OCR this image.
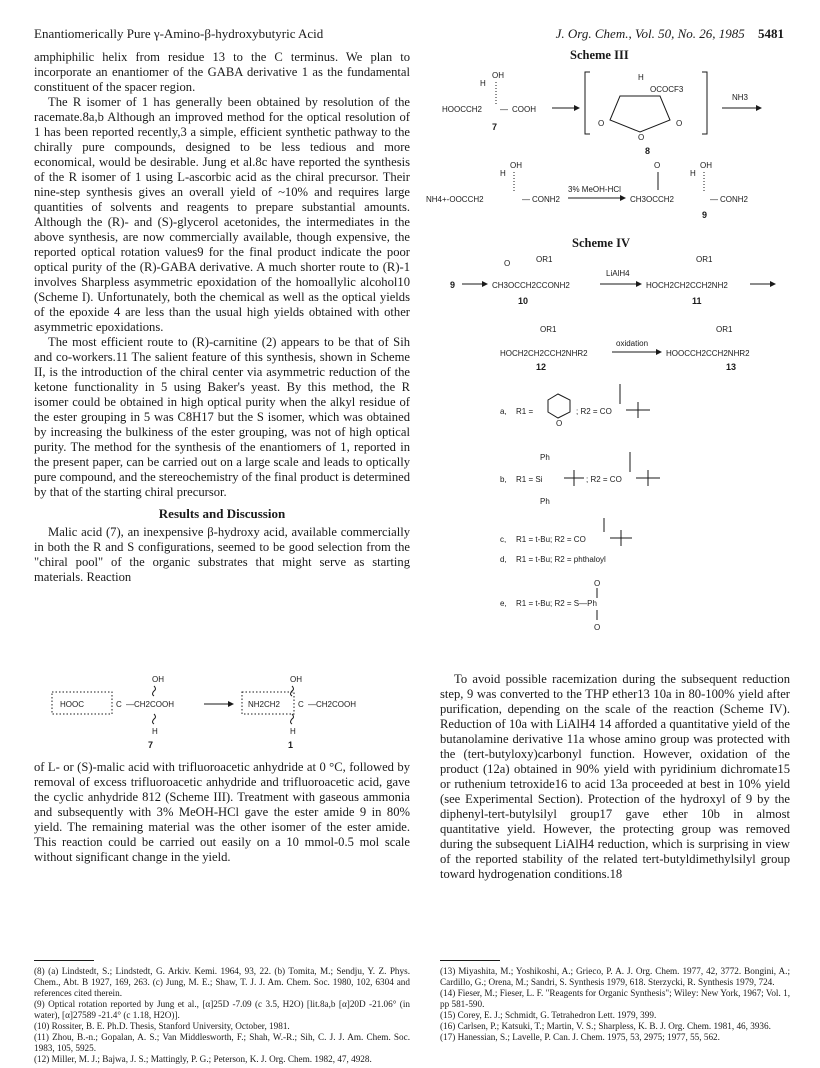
Enantiomerically Pure γ-Amino-β-hydroxybutyric Acid	J. Org. Chem., Vol. 50, No. 26, 1985 5481

amphiphilic helix from residue 13 to the C terminus. We plan to incorporate an enantiomer of the GABA derivative 1 as the fundamental constituent of the spacer region.

The R isomer of 1 has generally been obtained by resolution of the racemate.8a,b Although an improved method for the optical resolution of 1 has been reported recently,3 a simple, efficient synthetic pathway to the chirally pure compounds, designed to be less tedious and more economical, would be desirable. Jung et al.8c have reported the synthesis of the R isomer of 1 using L-ascorbic acid as the chiral precursor. Their nine-step synthesis gives an overall yield of ~10% and requires large quantities of solvents and reagents to prepare substantial amounts. Although the (R)- and (S)-glycerol acetonides, the intermediates in the above synthesis, are now commercially available, though expensive, the reported optical rotation values9 for the final product indicate the poor optical purity of the (R)-GABA derivative. A much shorter route to (R)-1 involves Sharpless asymmetric epoxidation of the homoallylic alcohol10 (Scheme I). Unfortunately, both the chemical as well as the optical yields of the epoxide 4 are less than the usual high yields obtained with other asymmetric epoxidations.

The most efficient route to (R)-carnitine (2) appears to be that of Sih and co-workers.11 The salient feature of this synthesis, shown in Scheme II, is the introduction of the chiral center via asymmetric reduction of the ketone functionality in 5 using Baker's yeast. By this method, the R isomer could be obtained in high optical purity when the alkyl residue of the ester grouping in 5 was C8H17 but the S isomer, which was obtained by increasing the bulkiness of the ester grouping, was not of high optical purity. The method for the synthesis of the enantiomers of 1, reported in the present paper, can be carried out on a large scale and leads to optically pure compound, and the stereochemistry of the final product is determined by that of the starting chiral precursor.

Results and Discussion

Malic acid (7), an inexpensive β-hydroxy acid, available commercially in both the R and S configurations, seemed to be good selection from the "chiral pool" of the organic substrates that might serve as starting materials. Reaction

OH	OH
HOOC	C —CH2COOH
H
NH2CH2 C —CH2COOH
H
7	1

of L- or (S)-malic acid with trifluoroacetic anhydride at 0 °C, followed by removal of excess trifluoroacetic anhydride and trifluoroacetic acid, gave the cyclic anhydride 812 (Scheme III). Treatment with gaseous ammonia and subsequently with 3% MeOH-HCl gave the ester amide 9 in 80% yield. The remaining material was the other isomer of the ester amide. This reaction could be carried out easily on a 10 mmol-0.5 mol scale without significant change in the yield.

Scheme III
H
OH
HOOCCH2 — COOH
7
H
OCOCF3
O
O
O
8
NH3
H
OH
NH4+-OOCCH2	— CONH2
3% MeOH-HCl
O
H
OH
CH3OCCH2	— CONH2
9
Scheme IV
9
OR1
O
CH3OCCH2CCONH2
10
LiAlH4
OR1
HOCH2CH2CCH2NH2
11
OR1
HOCH2CH2CCH2NHR2
12
oxidation
OR1
HOOCCH2CCH2NHR2
13
a, R1 =
O
; R2 = CO
b, R1 = Si
Ph
Ph
; R2 = CO
c, R1 = t-Bu; R2 = CO
d, R1 = t-Bu; R2 = phthaloyl
e, R1 = t-Bu; R2 = S—Ph
O
O

To avoid possible racemization during the subsequent reduction step, 9 was converted to the THP ether13 10a in 80-100% yield after purification, depending on the scale of the reaction (Scheme IV). Reduction of 10a with LiAlH4 14 afforded a quantitative yield of the butanolamine derivative 11a whose amino group was protected with the (tert-butyloxy)carbonyl function. However, oxidation of the product (12a) obtained in 90% yield with pyridinium dichromate15 or ruthenium tetroxide16 to acid 13a proceeded at best in 10% yield (see Experimental Section). Protection of the hydroxyl of 9 by the diphenyl-tert-butylsilyl group17 gave ether 10b in almost quantitative yield. However, the protecting group was removed during the subsequent LiAlH4 reduction, which is surprising in view of the reported stability of the related tert-butyldimethylsilyl group toward hydrogenation conditions.18

(8) (a) Lindstedt, S.; Lindstedt, G. Arkiv. Kemi. 1964, 93, 22. (b) Tomita, M.; Sendju, Y. Z. Phys. Chem., Abt. B 1927, 169, 263. (c) Jung, M. E.; Shaw, T. J. J. Am. Chem. Soc. 1980, 102, 6304 and references cited therein.

(9) Optical rotation reported by Jung et al., [α]25D -7.09 (c 3.5, H2O) [lit.8a,b [α]20D -21.06° (in water), [α]27589 -21.4° (c 1.18, H2O)].

(10) Rossiter, B. E. Ph.D. Thesis, Stanford University, October, 1981.

(11) Zhou, B.-n.; Gopalan, A. S.; Van Middlesworth, F.; Shah, W.-R.; Sih, C. J. J. Am. Chem. Soc. 1983, 105, 5925.

(12) Miller, M. J.; Bajwa, J. S.; Mattingly, P. G.; Peterson, K. J. Org. Chem. 1982, 47, 4928.

(13) Miyashita, M.; Yoshikoshi, A.; Grieco, P. A. J. Org. Chem. 1977, 42, 3772. Bongini, A.; Cardillo, G.; Orena, M.; Sandri, S. Synthesis 1979, 618. Sterzycki, R. Synthesis 1979, 724.

(14) Fieser, M.; Fieser, L. F. "Reagents for Organic Synthesis"; Wiley: New York, 1967; Vol. 1, pp 581-590.

(15) Corey, E. J.; Schmidt, G. Tetrahedron Lett. 1979, 399.

(16) Carlsen, P.; Katsuki, T.; Martin, V. S.; Sharpless, K. B. J. Org. Chem. 1981, 46, 3936.

(17) Hanessian, S.; Lavelle, P. Can. J. Chem. 1975, 53, 2975; 1977, 55, 562.
